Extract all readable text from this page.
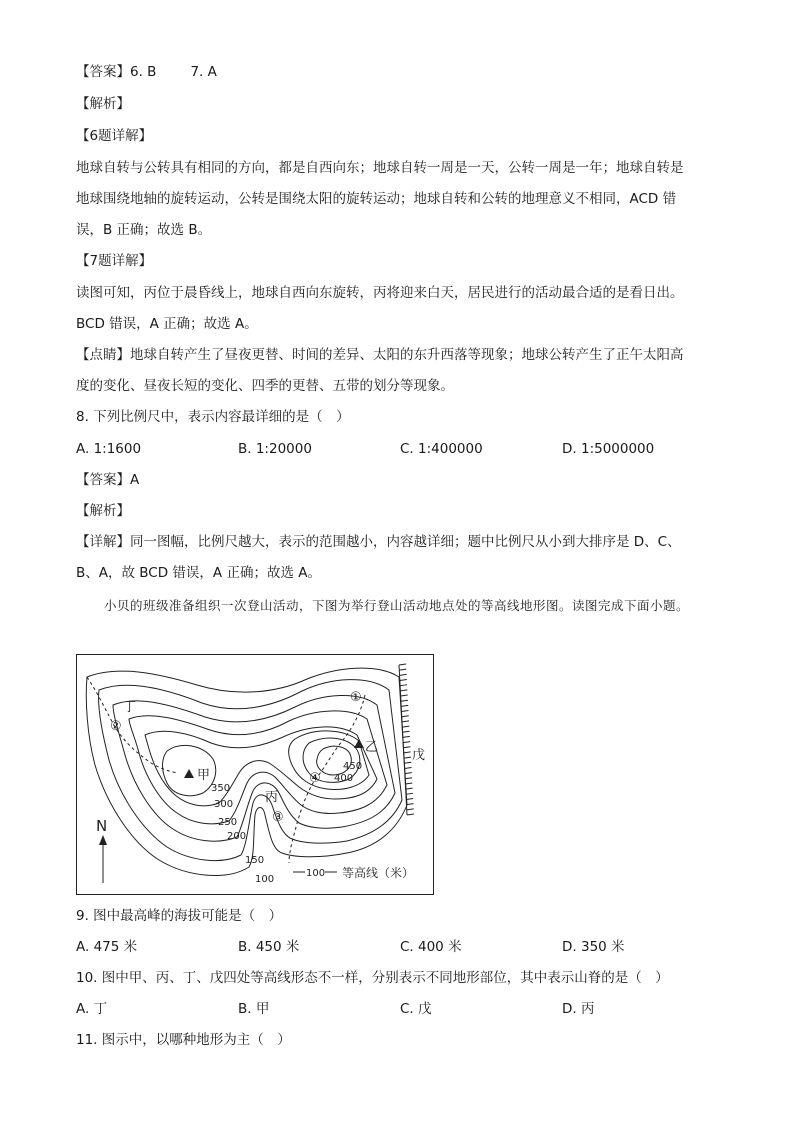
【答案】6. B	7. A
【解析】
【6题详解】
地球自转与公转具有相同的方向，都是自西向东；地球自转一周是一天，公转一周是一年；地球自转是
地球围绕地轴的旋转运动，公转是围绕太阳的旋转运动；地球自转和公转的地理意义不相同，ACD 错
误，B 正确；故选 B。
【7题详解】
读图可知，丙位于晨昏线上，地球自西向东旋转，丙将迎来白天，居民进行的活动最合适的是看日出。
BCD 错误，A 正确；故选 A。
【点睛】地球自转产生了昼夜更替、时间的差异、太阳的东升西落等现象；地球公转产生了正午太阳高
度的变化、昼夜长短的变化、四季的更替、五带的划分等现象。
8. 下列比例尺中，表示内容最详细的是（　）
A. 1:1600	B. 1:20000	C. 1:400000	D. 1:5000000
【答案】A
【解析】
【详解】同一图幅，比例尺越大，表示的范围越小，内容越详细；题中比例尺从小到大排序是 D、C、
B、A，故 BCD 错误，A 正确；故选 A。
小贝的班级准备组织一次登山活动，下图为举行登山活动地点处的等高线地形图。读图完成下面小题。
丁
甲
乙
丙
戊
①
②
③
④
350
300
250
200
150
100
450
400
N
100 等高线（米）
9. 图中最高峰的海拔可能是（　）
A. 475 米	B. 450 米	C. 400 米	D. 350 米
10. 图中甲、丙、丁、戊四处等高线形态不一样，分别表示不同地形部位，其中表示山脊的是（　）
A. 丁	B. 甲	C. 戊	D. 丙
11. 图示中，以哪种地形为主（　）
